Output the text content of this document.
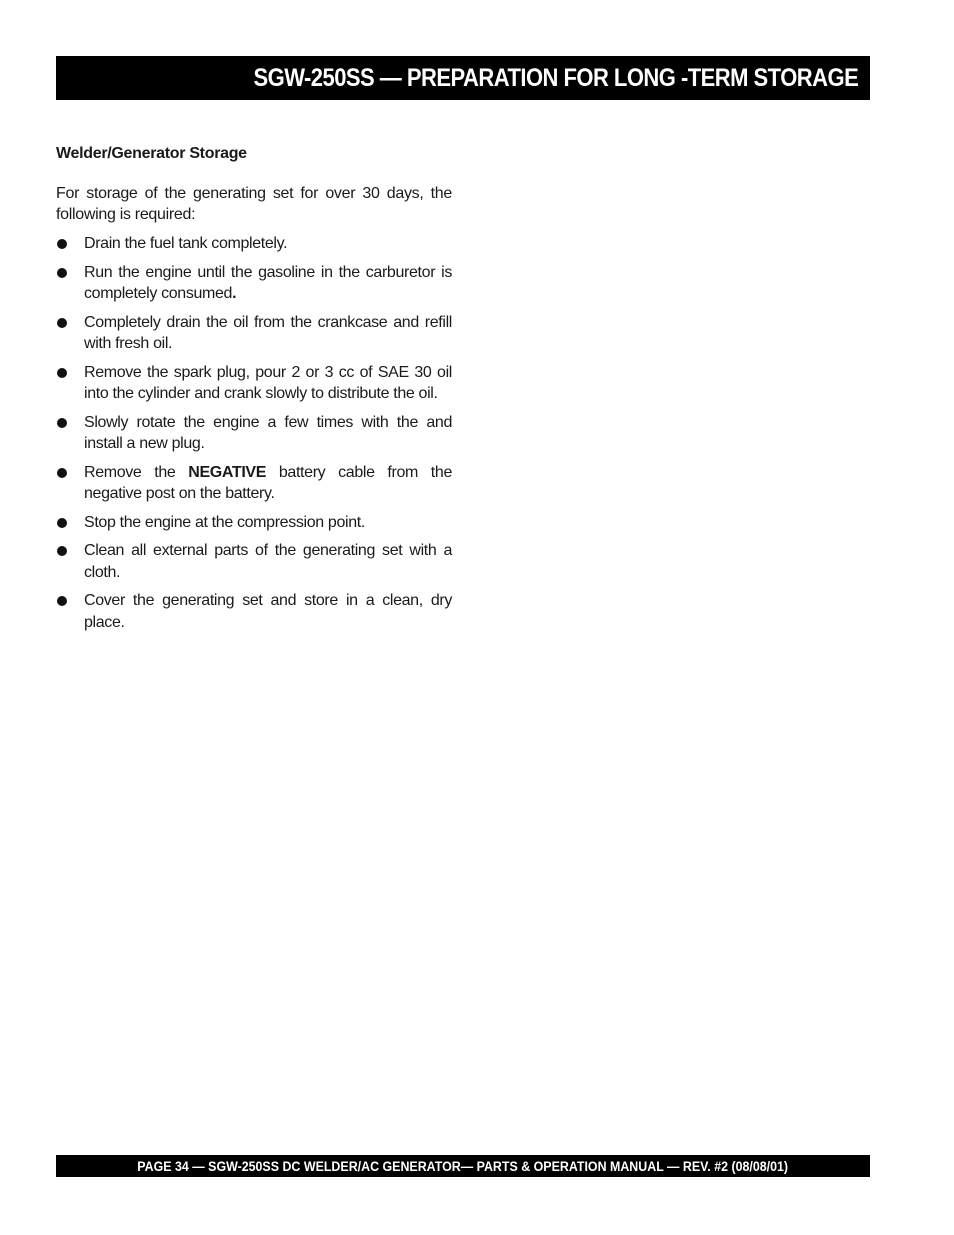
SGW-250SS — PREPARATION FOR LONG -TERM STORAGE
Welder/Generator Storage

For storage of the generating set for over 30 days, the following is required:

Drain the fuel tank completely.
Run the engine until the gasoline in the carburetor is completely consumed.
Completely drain the oil from the crankcase and refill with fresh oil.
Remove the spark plug, pour 2 or 3 cc of SAE 30 oil into the cylinder and crank slowly to distribute the oil.
Slowly rotate the engine a few times with the and install a new plug.
Remove the NEGATIVE battery cable from the negative post on the battery.
Stop the engine at the compression point.
Clean all external parts of the generating set with a cloth.
Cover the generating set and store in a clean, dry place.
PAGE 34 — SGW-250SS DC WELDER/AC GENERATOR— PARTS & OPERATION MANUAL — REV. #2 (08/08/01)
